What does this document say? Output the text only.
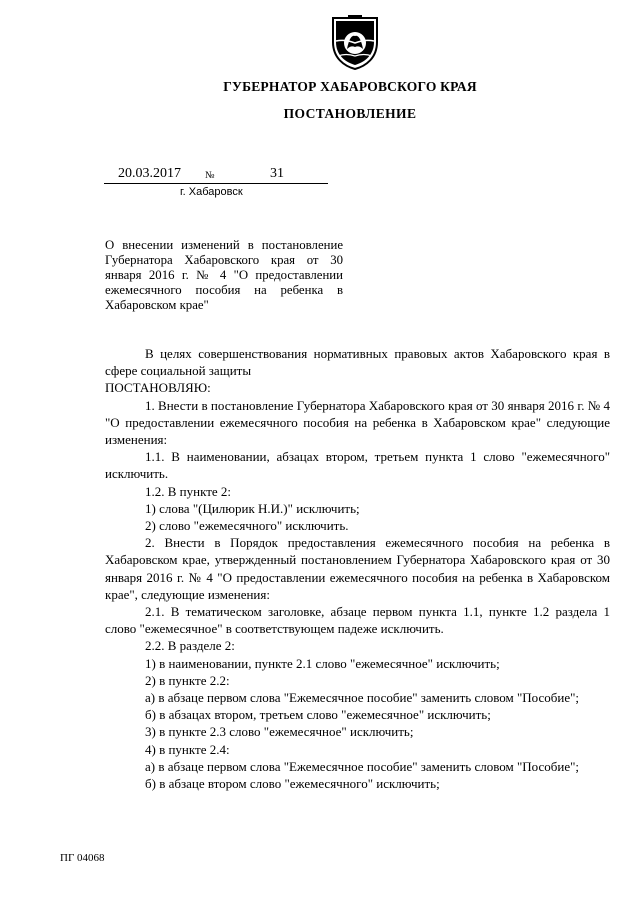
ГУБЕРНАТОР ХАБАРОВСКОГО КРАЯ
ПОСТАНОВЛЕНИЕ
20.03.2017 №	31
г. Хабаровск
О внесении изменений в постановление Губернатора Хабаровского края от 30 января 2016 г. № 4 "О предоставлении ежемесячного пособия на ребенка в Хабаровском крае"

В целях совершенствования нормативных правовых актов Хабаровского края в сфере социальной защиты

ПОСТАНОВЛЯЮ:

1. Внести в постановление Губернатора Хабаровского края от 30 января 2016 г. № 4 "О предоставлении ежемесячного пособия на ребенка в Хабаровском крае" следующие изменения:

1.1. В наименовании, абзацах втором, третьем пункта 1 слово "ежемесячного" исключить.

1.2. В пункте 2:

1) слова "(Цилюрик Н.И.)" исключить;

2) слово "ежемесячного" исключить.

2. Внести в Порядок предоставления ежемесячного пособия на ребенка в Хабаровском крае, утвержденный постановлением Губернатора Хабаровского края от 30 января 2016 г. № 4 "О предоставлении ежемесячного пособия на ребенка в Хабаровском крае", следующие изменения:

2.1. В тематическом заголовке, абзаце первом пункта 1.1, пункте 1.2 раздела 1 слово "ежемесячное" в соответствующем падеже исключить.

2.2. В разделе 2:

1) в наименовании, пункте 2.1 слово "ежемесячное" исключить;

2) в пункте 2.2:

а) в абзаце первом слова "Ежемесячное пособие" заменить словом "Пособие";

б) в абзацах втором, третьем слово "ежемесячное" исключить;

3) в пункте 2.3 слово "ежемесячное" исключить;

4) в пункте 2.4:

а) в абзаце первом слова "Ежемесячное пособие" заменить словом "Пособие";

б) в абзаце втором слово "ежемесячного" исключить;

ПГ 04068
